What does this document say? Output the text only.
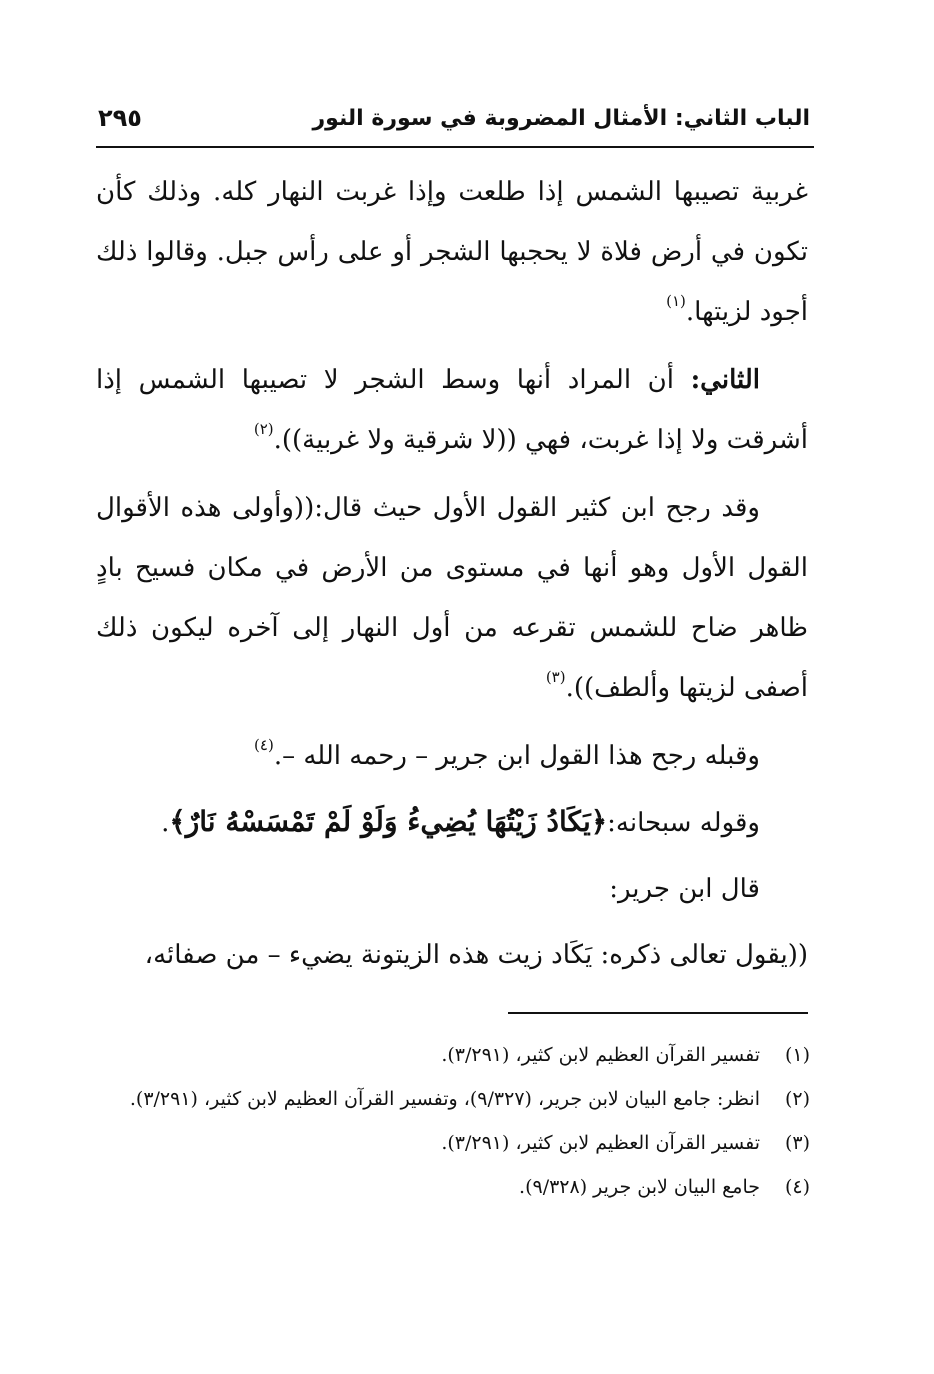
الباب الثاني: الأمثال المضروبة في سورة النور
٢٩٥

غربية تصيبها الشمس إذا طلعت وإذا غربت النهار كله. وذلك كأن تكون في أرض فلاة لا يحجبها الشجر أو على رأس جبل. وقالوا ذلك أجود لزيتها.$^{(١)}$

الثاني: أن المراد أنها وسط الشجر لا تصيبها الشمس إذا أشرقت ولا إذا غربت، فهي ((لا شرقية ولا غربية)).$^{(٢)}$

وقد رجح ابن كثير القول الأول حيث قال:((وأولى هذه الأقوال القول الأول وهو أنها في مستوى من الأرض في مكان فسيح بادٍ ظاهر ضاح للشمس تقرعه من أول النهار إلى آخره ليكون ذلك أصفى لزيتها وألطف)).$^{(٣)}$

وقبله رجح هذا القول ابن جرير – رحمه الله –.$^{(٤)}$

وقوله سبحانه:﴿يَكَادُ زَيْتُهَا يُضِيءُ وَلَوْ لَمْ تَمْسَسْهُ نَارٌ﴾.

قال ابن جرير:

((يقول تعالى ذكره: يَكَاد زيت هذه الزيتونة يضيء – من صفائه،

(١)
تفسير القرآن العظيم لابن كثير، (٣/٢٩١).
(٢)
انظر: جامع البيان لابن جرير، (٩/٣٢٧)، وتفسير القرآن العظيم لابن كثير، (٣/٢٩١).
(٣)
تفسير القرآن العظيم لابن كثير، (٣/٢٩١).
(٤)
جامع البيان لابن جرير (٩/٣٢٨).
